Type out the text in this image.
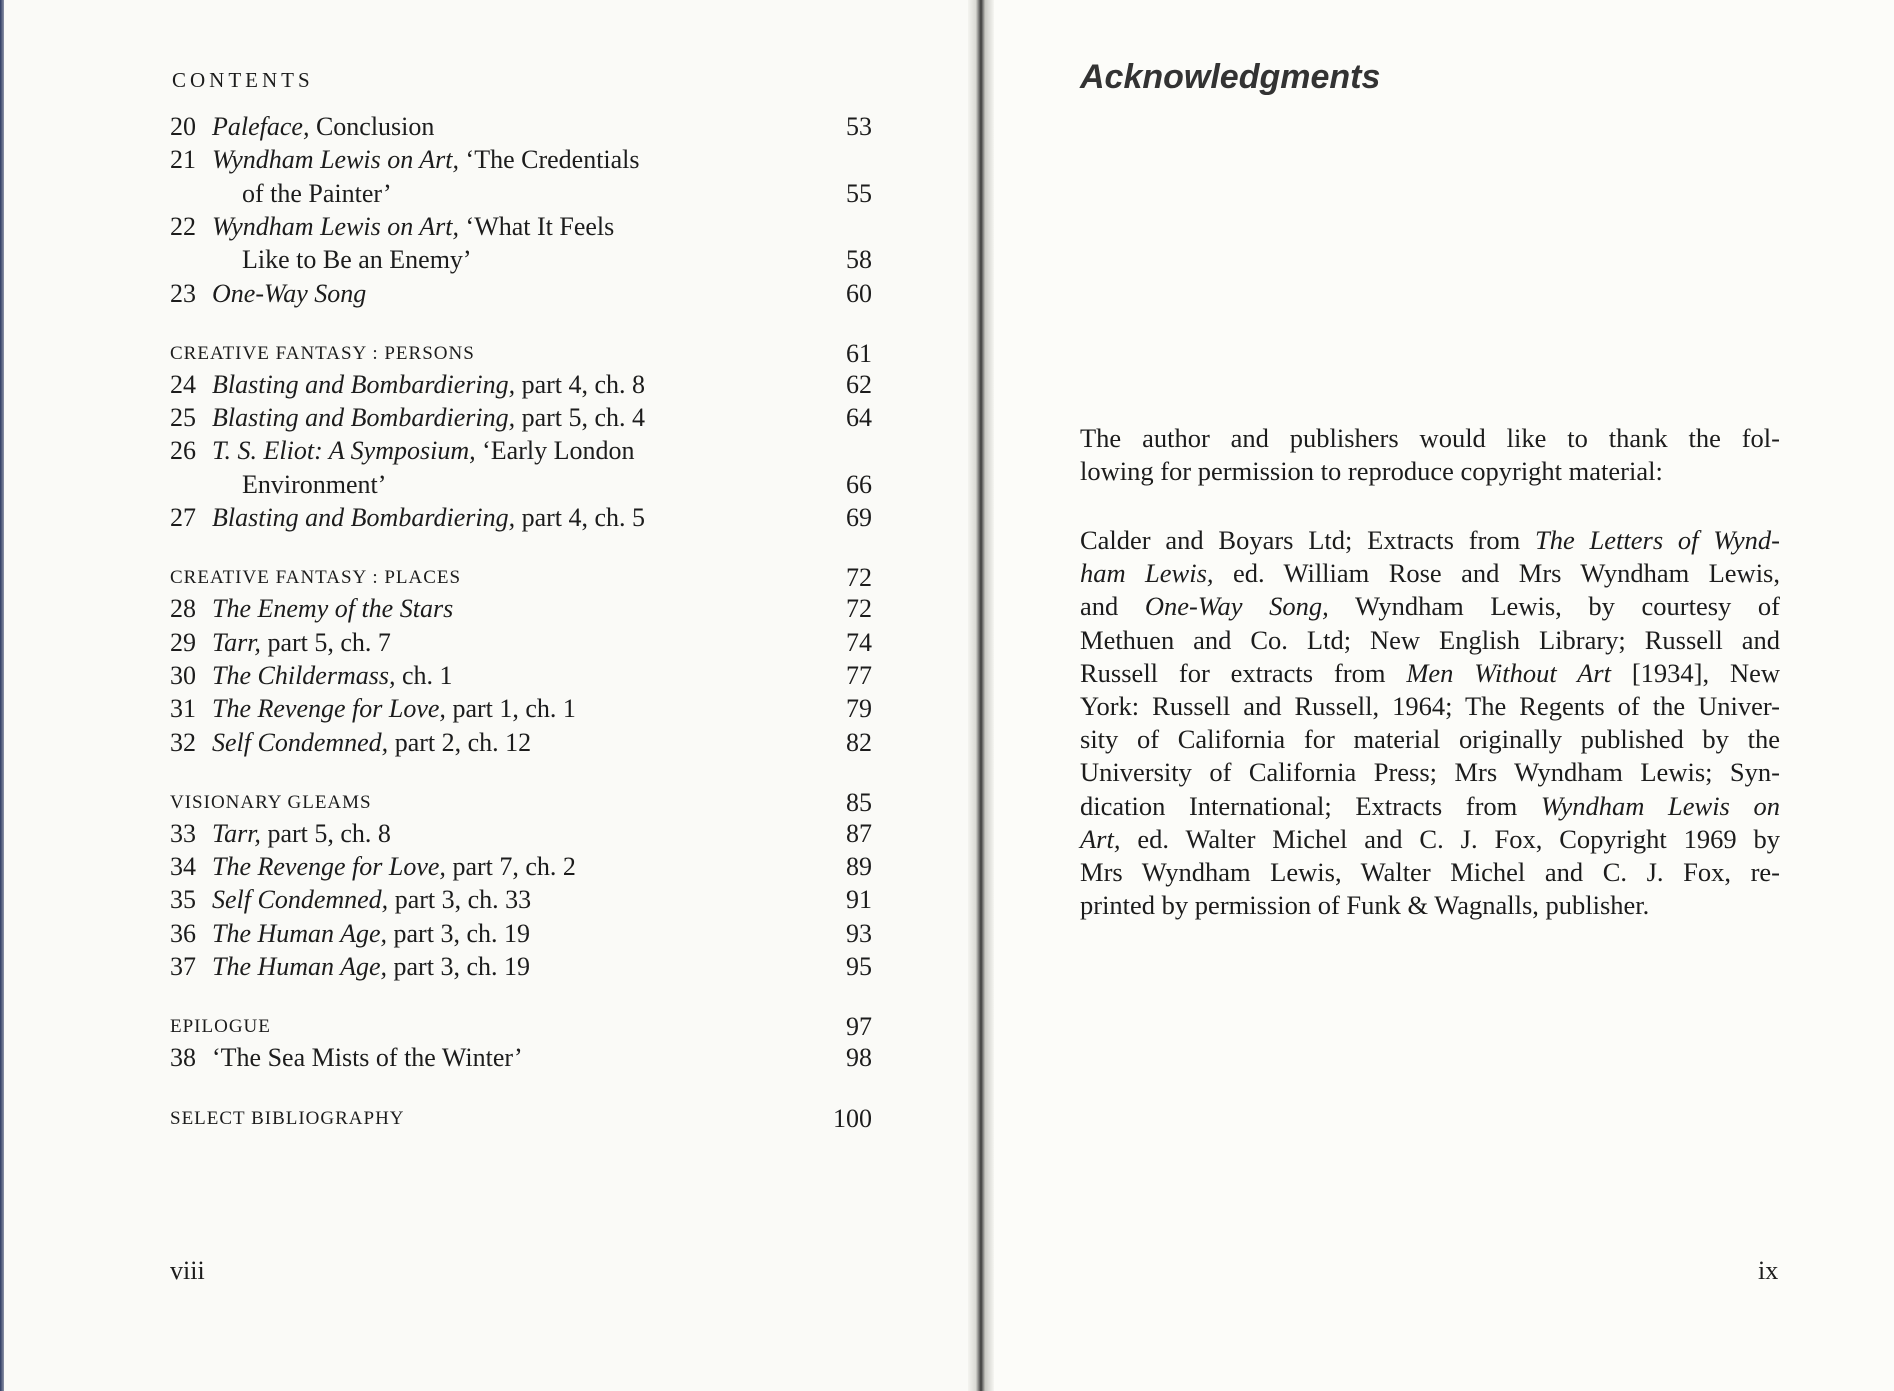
CONTENTS
20 Paleface, Conclusion	53
21 Wyndham Lewis on Art, ‘The Credentials
of the Painter’	55
22 Wyndham Lewis on Art, ‘What It Feels
Like to Be an Enemy’	58
23 One-Way Song	60
CREATIVE FANTASY : PERSONS	61
24 Blasting and Bombardiering, part 4, ch. 8	62
25 Blasting and Bombardiering, part 5, ch. 4	64
26 T. S. Eliot: A Symposium, ‘Early London
Environment’	66
27 Blasting and Bombardiering, part 4, ch. 5	69
CREATIVE FANTASY : PLACES	72
28 The Enemy of the Stars	72
29 Tarr, part 5, ch. 7	74
30 The Childermass, ch. 1	77
31 The Revenge for Love, part 1, ch. 1	79
32 Self Condemned, part 2, ch. 12	82
VISIONARY GLEAMS	85
33 Tarr, part 5, ch. 8	87
34 The Revenge for Love, part 7, ch. 2	89
35 Self Condemned, part 3, ch. 33	91
36 The Human Age, part 3, ch. 19	93
37 The Human Age, part 3, ch. 19	95
EPILOGUE	97
38 ‘The Sea Mists of the Winter’	98
SELECT BIBLIOGRAPHY	100
viii
Acknowledgments
The author and publishers would like to thank the fol-
lowing for permission to reproduce copyright material:
Calder and Boyars Ltd; Extracts from The Letters of Wynd-
ham Lewis, ed. William Rose and Mrs Wyndham Lewis,
and One-Way Song, Wyndham Lewis, by courtesy of
Methuen and Co. Ltd; New English Library; Russell and
Russell for extracts from Men Without Art [1934], New
York: Russell and Russell, 1964; The Regents of the Univer-
sity of California for material originally published by the
University of California Press; Mrs Wyndham Lewis; Syn-
dication International; Extracts from Wyndham Lewis on
Art, ed. Walter Michel and C. J. Fox, Copyright 1969 by
Mrs Wyndham Lewis, Walter Michel and C. J. Fox, re-
printed by permission of Funk & Wagnalls, publisher.
ix
